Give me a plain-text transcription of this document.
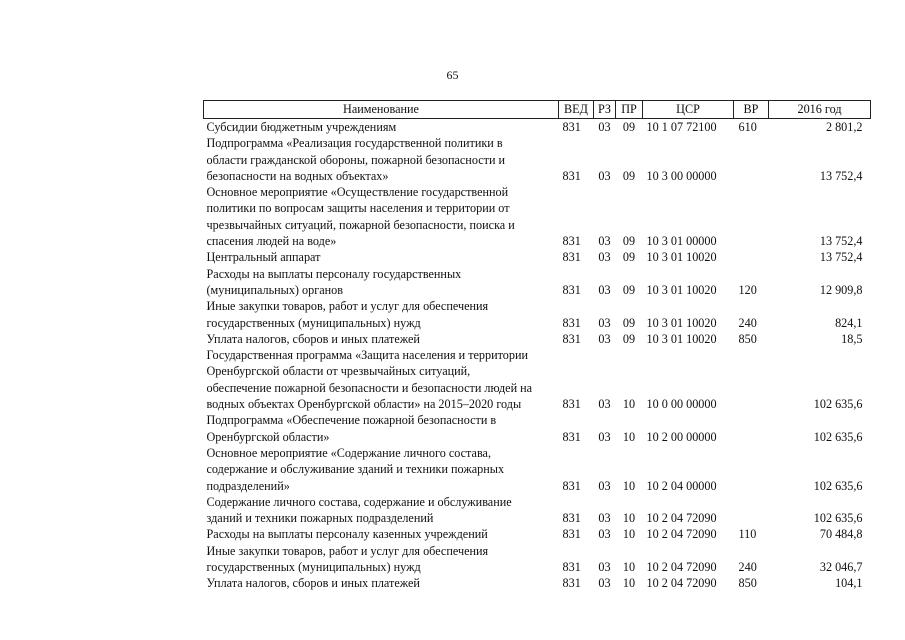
65
Наименование	ВЕД	РЗ	ПР	ЦСР	ВР	2016 год
Субсидии бюджетным учреждениям	831	03	09	10 1 07 72100	610	2 801,2
Подпрограмма «Реализация государственной политики в
области гражданской обороны, пожарной безопасности и
безопасности на водных объектах»	831	03	09	10 3 00 00000		13 752,4
Основное мероприятие «Осуществление государственной
политики по вопросам защиты населения и территории от
чрезвычайных ситуаций, пожарной безопасности, поиска и
спасения людей на воде»	831	03	09	10 3 01 00000		13 752,4
Центральный аппарат	831	03	09	10 3 01 10020		13 752,4
Расходы на выплаты персоналу государственных
(муниципальных) органов	831	03	09	10 3 01 10020	120	12 909,8
Иные закупки товаров, работ и услуг для обеспечения
государственных (муниципальных) нужд	831	03	09	10 3 01 10020	240	824,1
Уплата налогов, сборов и иных платежей	831	03	09	10 3 01 10020	850	18,5
Государственная программа «Защита населения и территории
Оренбургской области от чрезвычайных ситуаций,
обеспечение пожарной безопасности и безопасности людей на
водных объектах Оренбургской области» на 2015–2020 годы	831	03	10	10 0 00 00000		102 635,6
Подпрограмма «Обеспечение пожарной безопасности в
Оренбургской области»	831	03	10	10 2 00 00000		102 635,6
Основное мероприятие «Содержание личного состава,
содержание и обслуживание зданий и техники пожарных
подразделений»	831	03	10	10 2 04 00000		102 635,6
Содержание личного состава, содержание и обслуживание
зданий и техники пожарных подразделений	831	03	10	10 2 04 72090		102 635,6
Расходы на выплаты персоналу казенных учреждений	831	03	10	10 2 04 72090	110	70 484,8
Иные закупки товаров, работ и услуг для обеспечения
государственных (муниципальных) нужд	831	03	10	10 2 04 72090	240	32 046,7
Уплата налогов, сборов и иных платежей	831	03	10	10 2 04 72090	850	104,1
